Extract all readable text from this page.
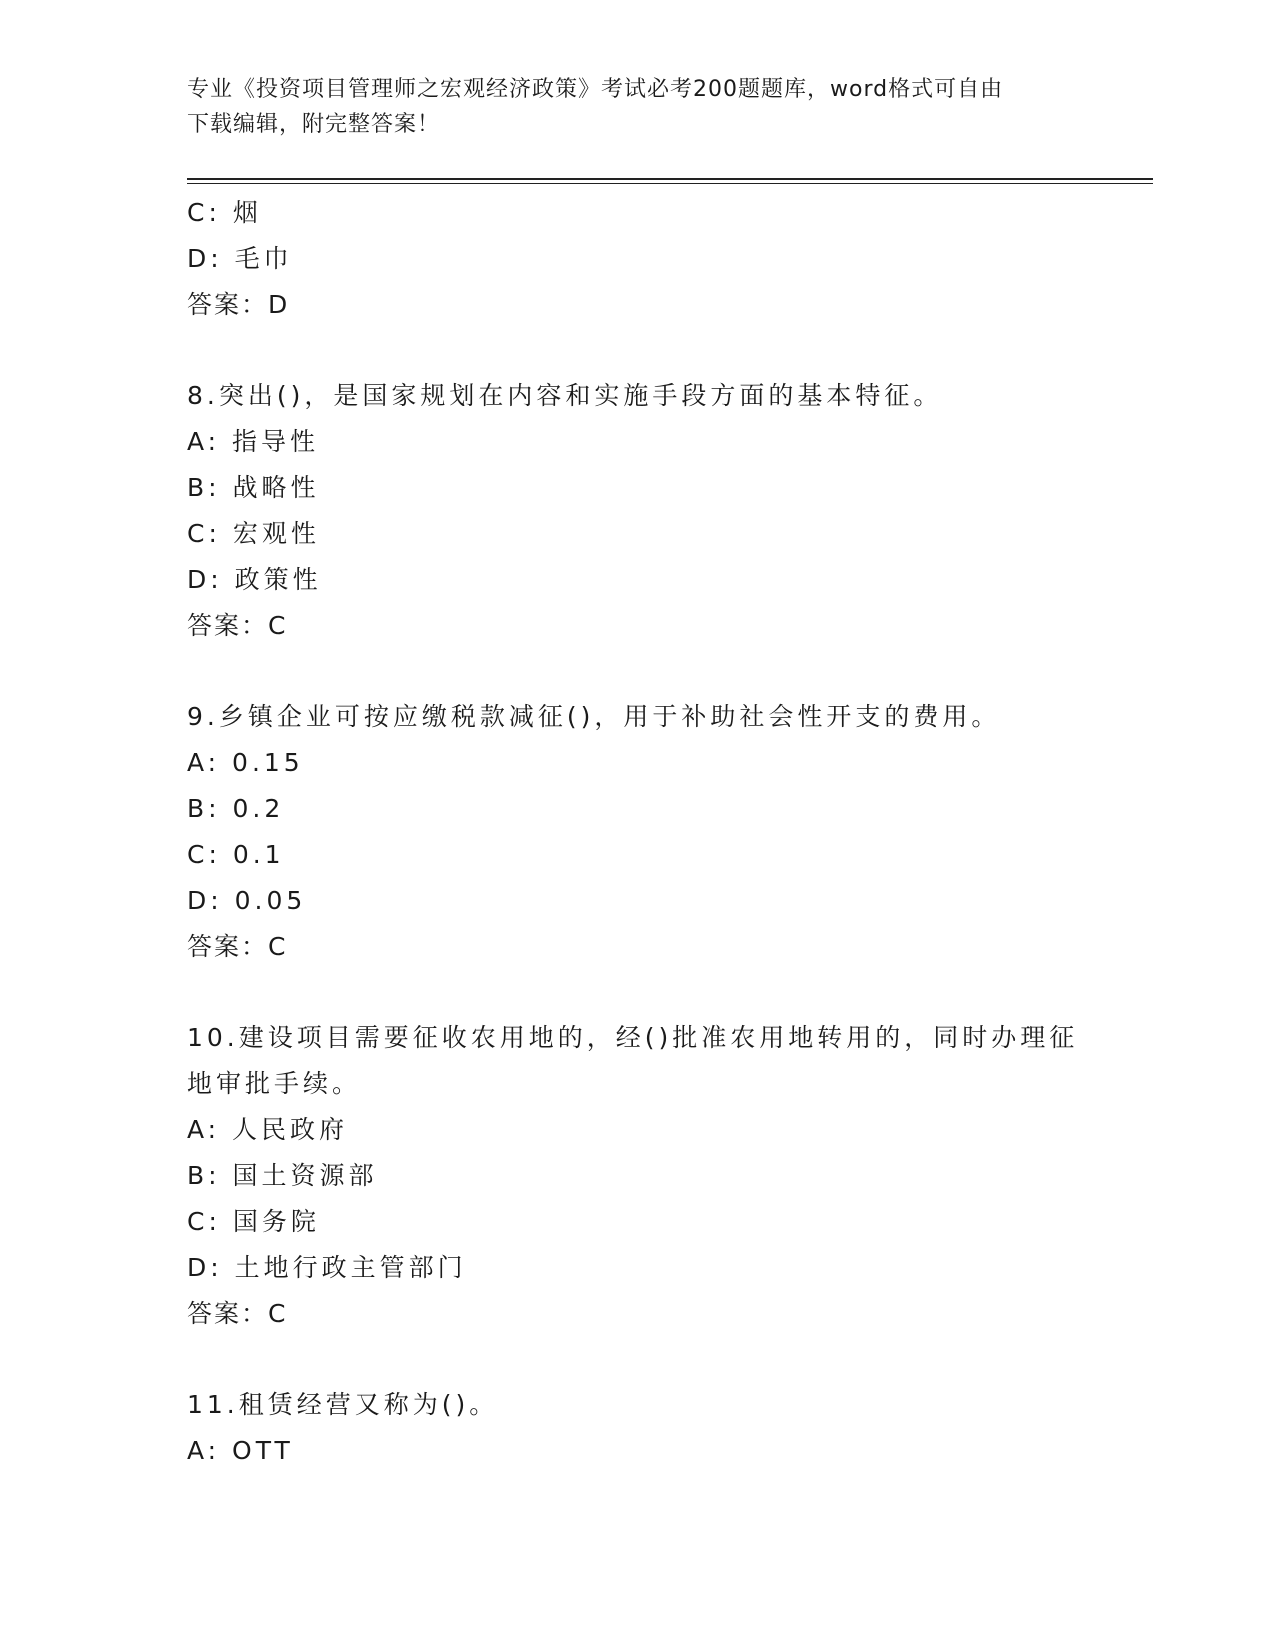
专业《投资项目管理师之宏观经济政策》考试必考200题题库，word格式可自由
下载编辑，附完整答案！
C: 烟
D: 毛巾
答案：D
8.突出()，是国家规划在内容和实施手段方面的基本特征。
A: 指导性
B: 战略性
C: 宏观性
D: 政策性
答案：C
9.乡镇企业可按应缴税款减征()，用于补助社会性开支的费用。
A: 0.15
B: 0.2
C: 0.1
D: 0.05
答案：C
10.建设项目需要征收农用地的，经()批准农用地转用的，同时办理征
地审批手续。
A: 人民政府
B: 国土资源部
C: 国务院
D: 土地行政主管部门
答案：C
11.租赁经营又称为()。
A: OTT
